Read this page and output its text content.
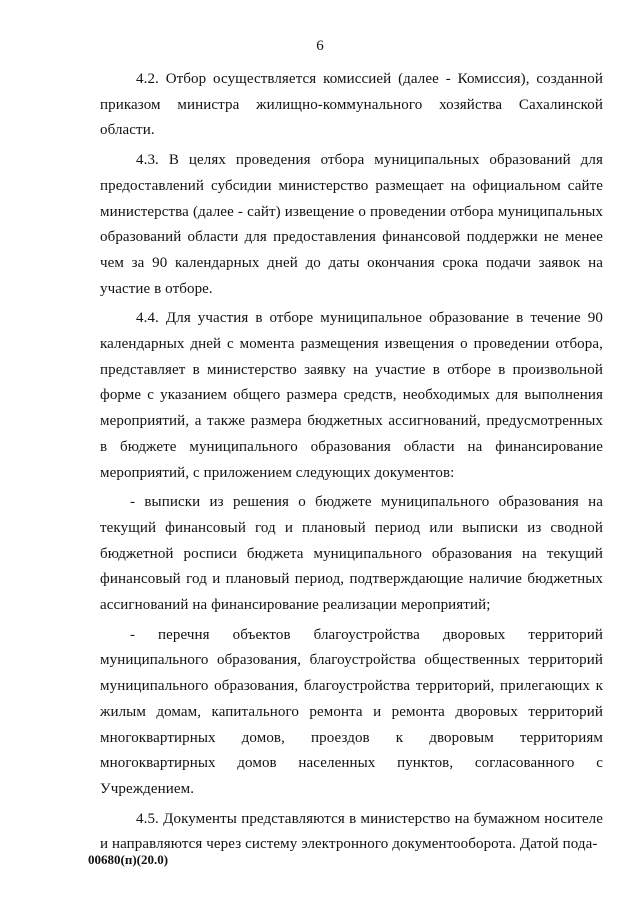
6

4.2. Отбор осуществляется комиссией (далее - Комиссия), созданной приказом министра жилищно-коммунального хозяйства Сахалинской области.

4.3. В целях проведения отбора муниципальных образований для предоставлений субсидии министерство размещает на официальном сайте министерства (далее - сайт) извещение о проведении отбора муниципальных образований области для предоставления финансовой поддержки не менее чем за 90 календарных дней до даты окончания срока подачи заявок на участие в отборе.

4.4. Для участия в отборе муниципальное образование в течение 90 календарных дней с момента размещения извещения о проведении отбора, представляет в министерство заявку на участие в отборе в произвольной форме с указанием общего размера средств, необходимых для выполнения мероприятий, а также размера бюджетных ассигнований, предусмотренных в бюджете муниципального образования области на финансирование мероприятий, с приложением следующих документов:

- выписки из решения о бюджете муниципального образования на текущий финансовый год и плановый период или выписки из сводной бюджетной росписи бюджета муниципального образования на текущий финансовый год и плановый период, подтверждающие наличие бюджетных ассигнований на финансирование реализации мероприятий;

- перечня объектов благоустройства дворовых территорий муниципального образования, благоустройства общественных территорий муниципального образования, благоустройства территорий, прилегающих к жилым домам, капитального ремонта и ремонта дворовых территорий многоквартирных домов, проездов к дворовым территориям многоквартирных домов населенных пунктов, согласованного с Учреждением.

4.5. Документы представляются в министерство на бумажном носителе и направляются через систему электронного документооборота. Датой пода-

00680(п)(20.0)
